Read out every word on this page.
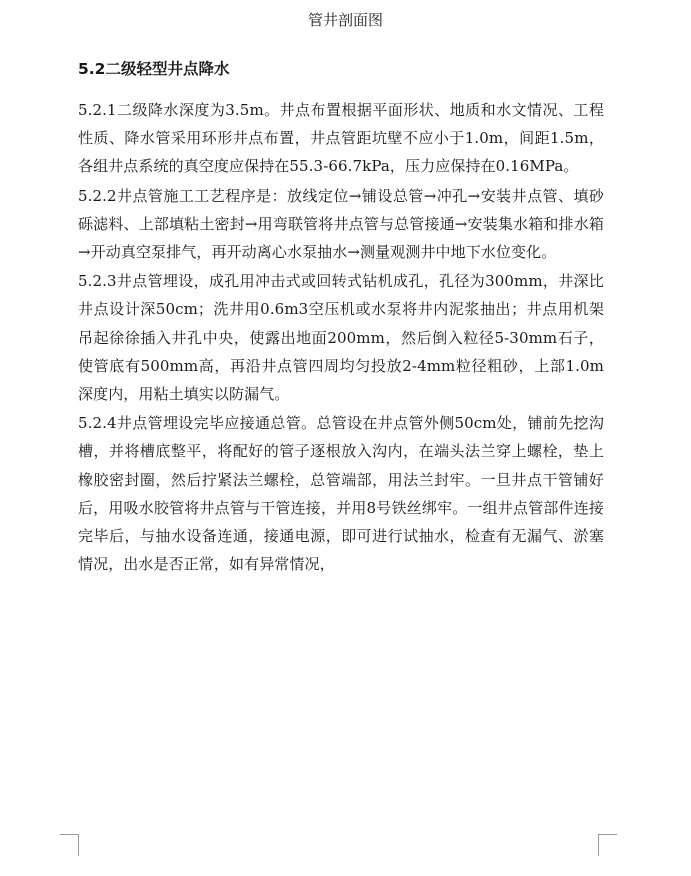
管井剖面图
5.2二级轻型井点降水

5.2.1二级降水深度为3.5m。井点布置根据平面形状、地质和水文情况、工程性质、降水管采用环形井点布置，井点管距坑壁不应小于1.0m，间距1.5m，各组井点系统的真空度应保持在55.3-66.7kPa，压力应保持在0.16MPa。

5.2.2井点管施工工艺程序是：放线定位→铺设总管→冲孔→安装井点管、填砂砾滤料、上部填粘土密封→用弯联管将井点管与总管接通→安装集水箱和排水箱→开动真空泵排气，再开动离心水泵抽水→测量观测井中地下水位变化。

5.2.3井点管埋设，成孔用冲击式或回转式钻机成孔，孔径为300mm，井深比井点设计深50cm；洗井用0.6m3空压机或水泵将井内泥浆抽出；井点用机架吊起徐徐插入井孔中央，使露出地面200mm，然后倒入粒径5-30mm石子，使管底有500mm高，再沿井点管四周均匀投放2-4mm粒径粗砂，上部1.0m深度内，用粘土填实以防漏气。

5.2.4井点管埋设完毕应接通总管。总管设在井点管外侧50cm处，铺前先挖沟槽，并将槽底整平，将配好的管子逐根放入沟内，在端头法兰穿上螺栓，垫上橡胶密封圈，然后拧紧法兰螺栓，总管端部，用法兰封牢。一旦井点干管铺好后，用吸水胶管将井点管与干管连接，并用8号铁丝绑牢。一组井点管部件连接完毕后，与抽水设备连通，接通电源，即可进行试抽水，检查有无漏气、淤塞情况，出水是否正常，如有异常情况，
